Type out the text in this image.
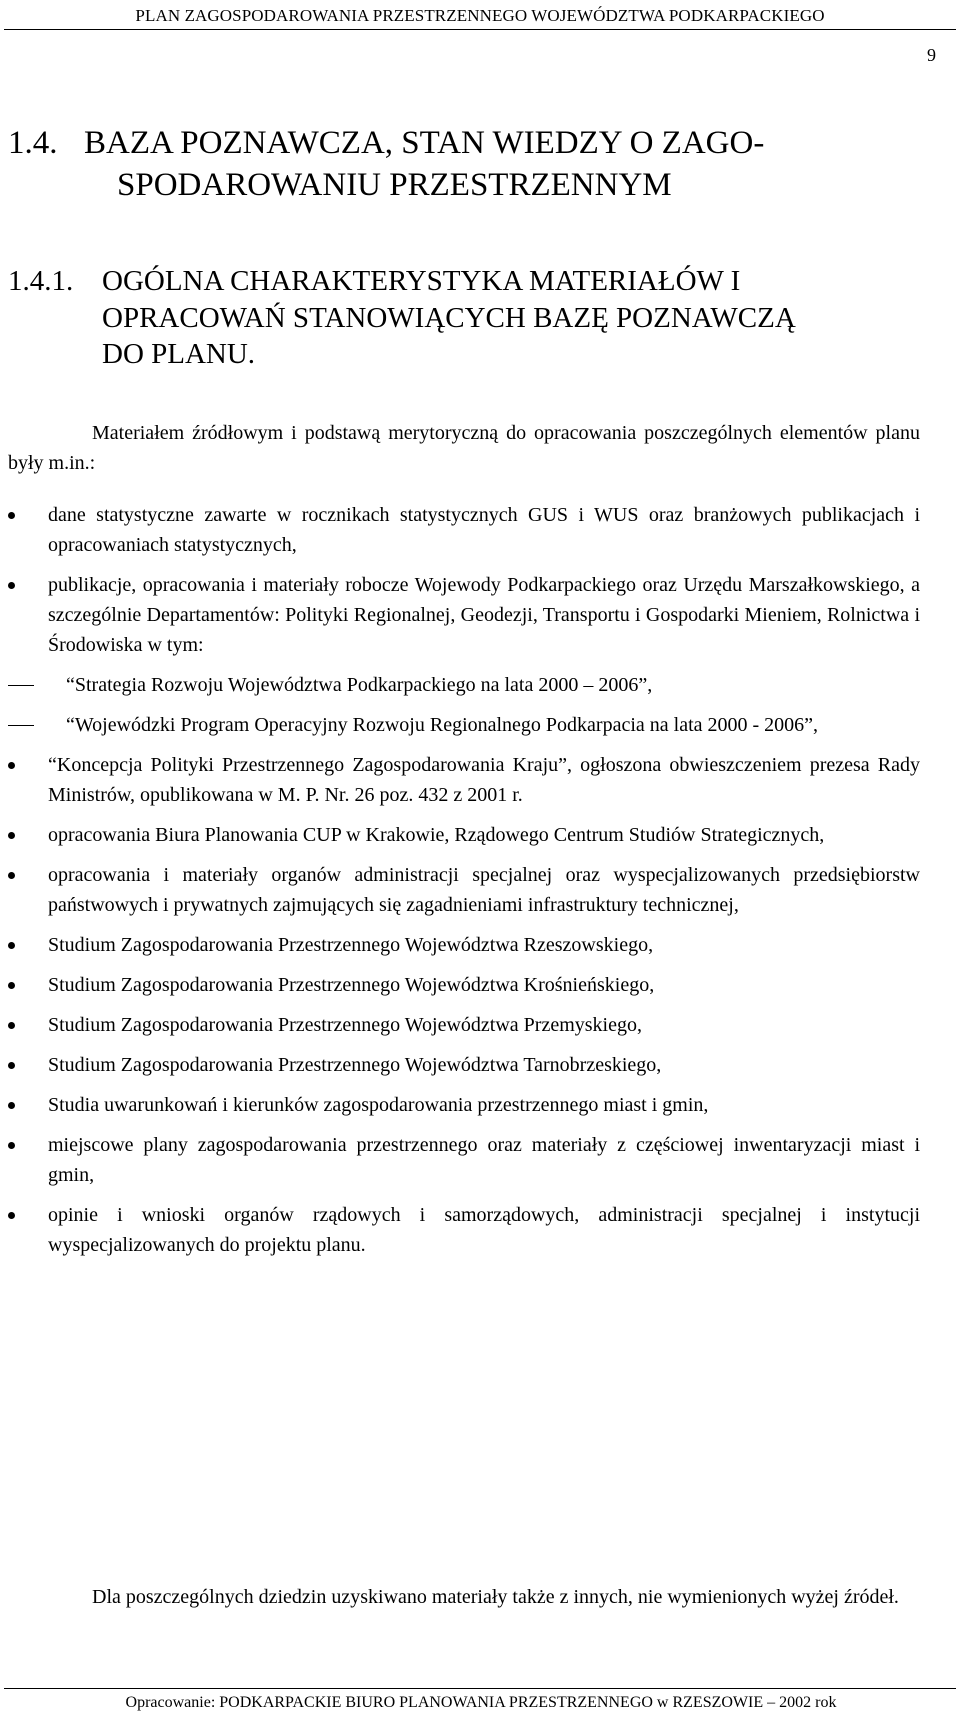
PLAN ZAGOSPODAROWANIA PRZESTRZENNEGO WOJEWÓDZTWA PODKARPACKIEGO
9
1.4. BAZA POZNAWCZA, STAN WIEDZY O ZAGO-
SPODAROWANIU PRZESTRZENNYM
1.4.1. OGÓLNA CHARAKTERYSTYKA MATERIAŁÓW I
OPRACOWAŃ STANOWIĄCYCH BAZĘ POZNAWCZĄ
DO PLANU.
Materiałem źródłowym i podstawą merytoryczną do opracowania poszczególnych elementów planu były m.in.:
dane statystyczne zawarte w rocznikach statystycznych GUS i WUS oraz branżowych publikacjach i opracowaniach statystycznych,
publikacje, opracowania i materiały robocze Wojewody Podkarpackiego oraz Urzędu Marszałkowskiego, a szczególnie Departamentów: Polityki Regionalnej, Geodezji, Transportu i Gospodarki Mieniem, Rolnictwa i Środowiska w tym:
“Strategia Rozwoju Województwa Podkarpackiego na lata 2000 – 2006”,
“Wojewódzki Program Operacyjny Rozwoju Regionalnego Podkarpacia na lata 2000 - 2006”,
“Koncepcja Polityki Przestrzennego Zagospodarowania Kraju”, ogłoszona obwieszczeniem prezesa Rady Ministrów, opublikowana w M. P. Nr. 26 poz. 432 z 2001 r.
opracowania Biura Planowania CUP w Krakowie, Rządowego Centrum Studiów Strategicznych,
opracowania i materiały organów administracji specjalnej oraz wyspecjalizowanych przedsiębiorstw państwowych i prywatnych zajmujących się zagadnieniami infrastruktury technicznej,
Studium Zagospodarowania Przestrzennego Województwa Rzeszowskiego,
Studium Zagospodarowania Przestrzennego Województwa Krośnieńskiego,
Studium Zagospodarowania Przestrzennego Województwa Przemyskiego,
Studium Zagospodarowania Przestrzennego Województwa Tarnobrzeskiego,
Studia uwarunkowań i kierunków zagospodarowania przestrzennego miast i gmin,
miejscowe plany zagospodarowania przestrzennego oraz materiały z częściowej inwentaryzacji miast i gmin,
opinie i wnioski organów rządowych i samorządowych, administracji specjalnej i instytucji wyspecjalizowanych do projektu planu.
Dla poszczególnych dziedzin uzyskiwano materiały także z innych, nie wymienionych wyżej źródeł.
Opracowanie: PODKARPACKIE BIURO PLANOWANIA PRZESTRZENNEGO w RZESZOWIE – 2002 rok
